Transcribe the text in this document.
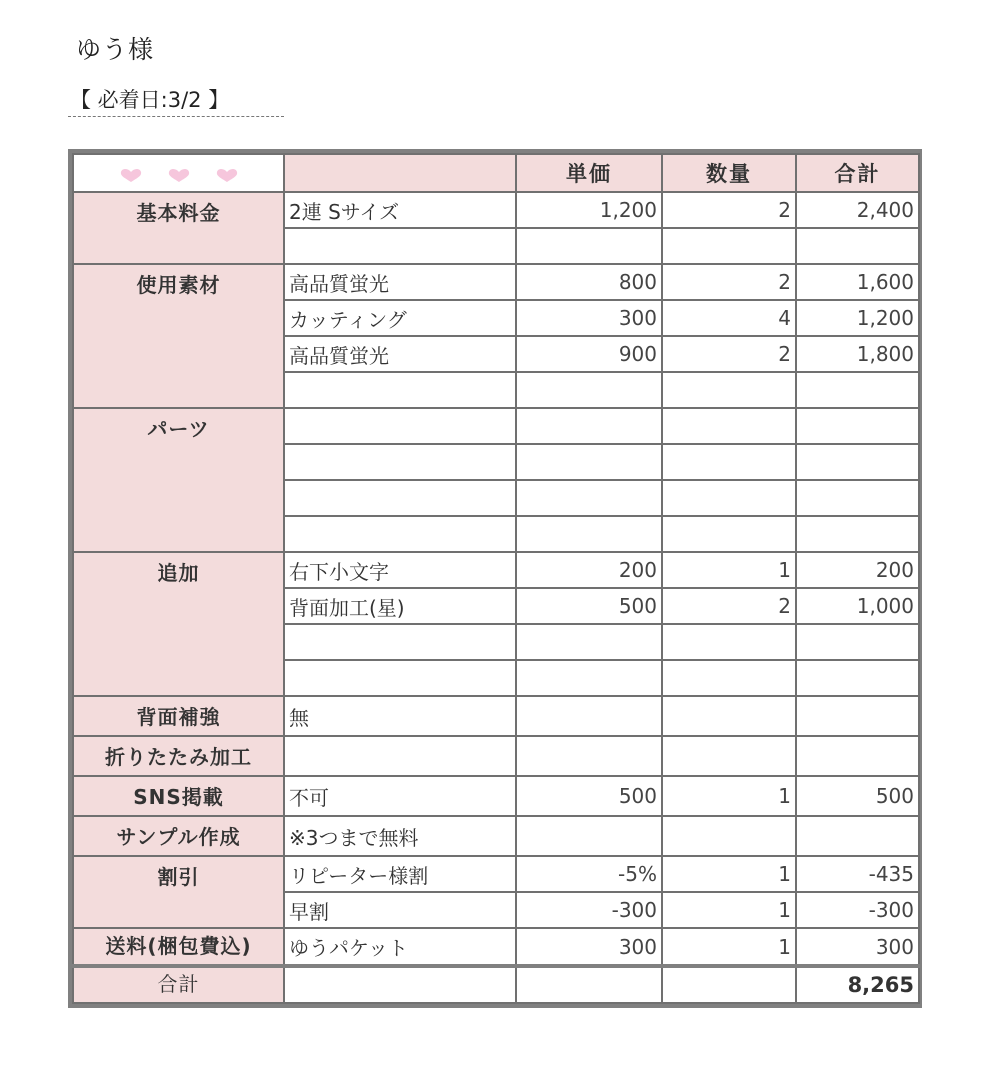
ゆう様
【 必着日:3/2 】
		単価	数量	合計
基本料金	2連 Sサイズ	1,200	2	2,400

使用素材	高品質蛍光	800	2	1,600
	カッティング	300	4	1,200
	高品質蛍光	900	2	1,800

パーツ				

追加	右下小文字	200	1	200
	背面加工(星)	500	2	1,000

背面補強	無			
折りたたみ加工				
SNS掲載	不可	500	1	500
サンプル作成	※3つまで無料			
割引	リピーター様割	-5%	1	-435
	早割	-300	1	-300
送料(梱包費込)	ゆうパケット	300	1	300
合計				8,265
